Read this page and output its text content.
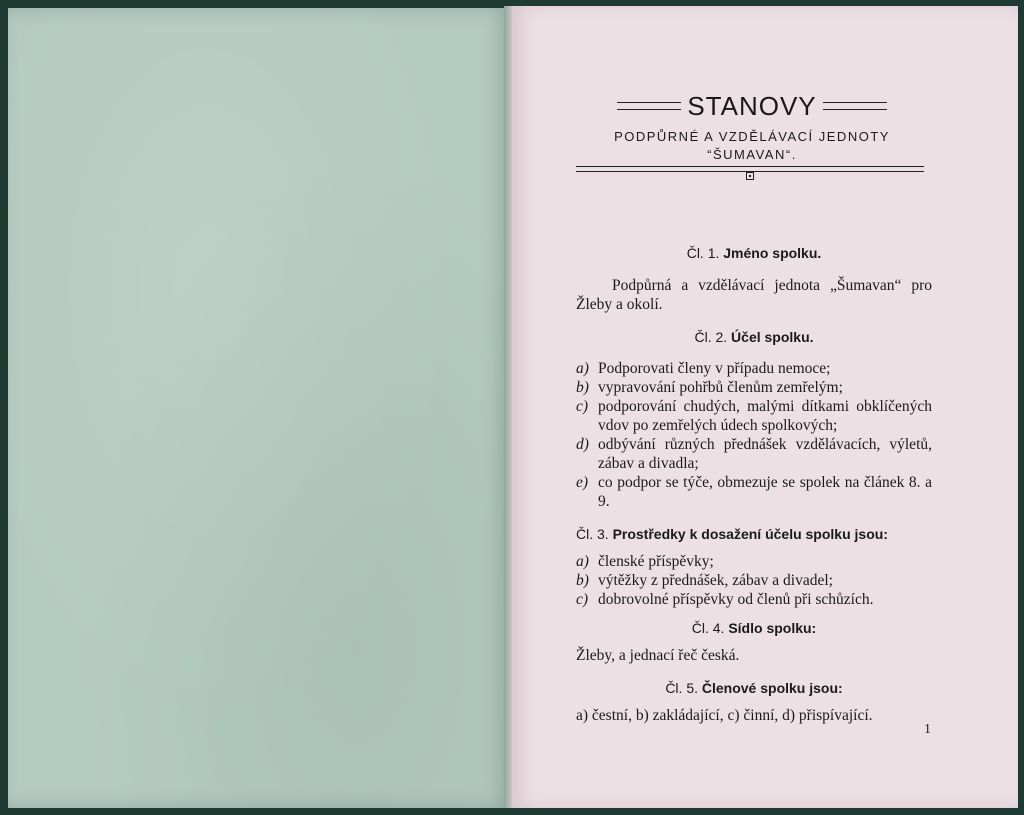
STANOVY
PODPŮRNÉ A VZDĚLÁVACÍ JEDNOTY
“ŠUMAVAN“.

Čl. 1. Jméno spolku.

Podpůrná a vzdělávací jednota „Šumavan“ pro Žleby a okolí.

Čl. 2. Účel spolku.

a) Podporovati členy v případu nemoce;
b) vypravování pohřbů členům zemřelým;
c) podporování chudých, malými dítkami obklíčených vdov po zemřelých údech spolkových;
d) odbývání různých přednášek vzdělávacích, výletů, zábav a divadla;
e) co podpor se týče, obmezuje se spolek na článek 8. a 9.

Čl. 3. Prostředky k dosažení účelu spolku jsou:

a) členské příspěvky;
b) výtěžky z přednášek, zábav a divadel;
c) dobrovolné příspěvky od členů při schůzích.

Čl. 4. Sídlo spolku:

Žleby, a jednací řeč česká.

Čl. 5. Členové spolku jsou:

a) čestní, b) zakládající, c) činní, d) přispívající.

1
